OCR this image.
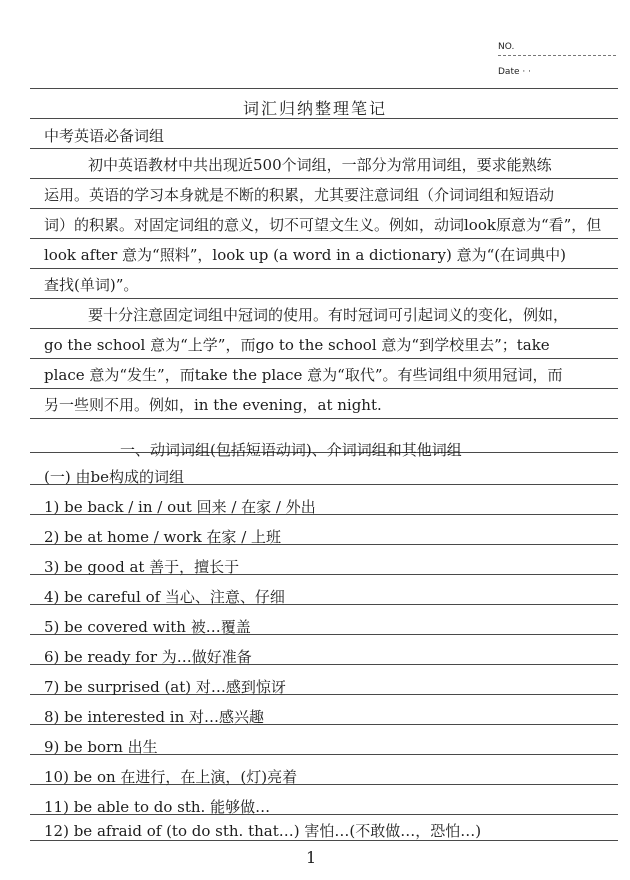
NO.
Date · ·
词汇归纳整理笔记
中考英语必备词组
初中英语教材中共出现近500个词组，一部分为常用词组，要求能熟练
运用。英语的学习本身就是不断的积累，尤其要注意词组（介词词组和短语动
词）的积累。对固定词组的意义，切不可望文生义。例如，动词look原意为“看”，但
look after 意为“照料”，look up (a word in a dictionary) 意为“(在词典中)
查找(单词)”。
要十分注意固定词组中冠词的使用。有时冠词可引起词义的变化，例如，
go the school 意为“上学”，而go to the school 意为“到学校里去”；take
place 意为“发生”，而take the place 意为“取代”。有些词组中须用冠词，而
另一些则不用。例如，in the evening，at night.
一、动词词组(包括短语动词)、介词词组和其他词组
(一) 由be构成的词组
1) be back / in / out 回来 / 在家 / 外出
2) be at home / work 在家 / 上班
3) be good at 善于，擅长于
4) be careful of 当心、注意、仔细
5) be covered with 被…覆盖
6) be ready for 为…做好准备
7) be surprised (at) 对…感到惊讶
8) be interested in 对…感兴趣
9) be born 出生
10) be on 在进行，在上演，(灯)亮着
11) be able to do sth. 能够做…
12) be afraid of (to do sth. that…) 害怕…(不敢做…，恐怕…)
1
